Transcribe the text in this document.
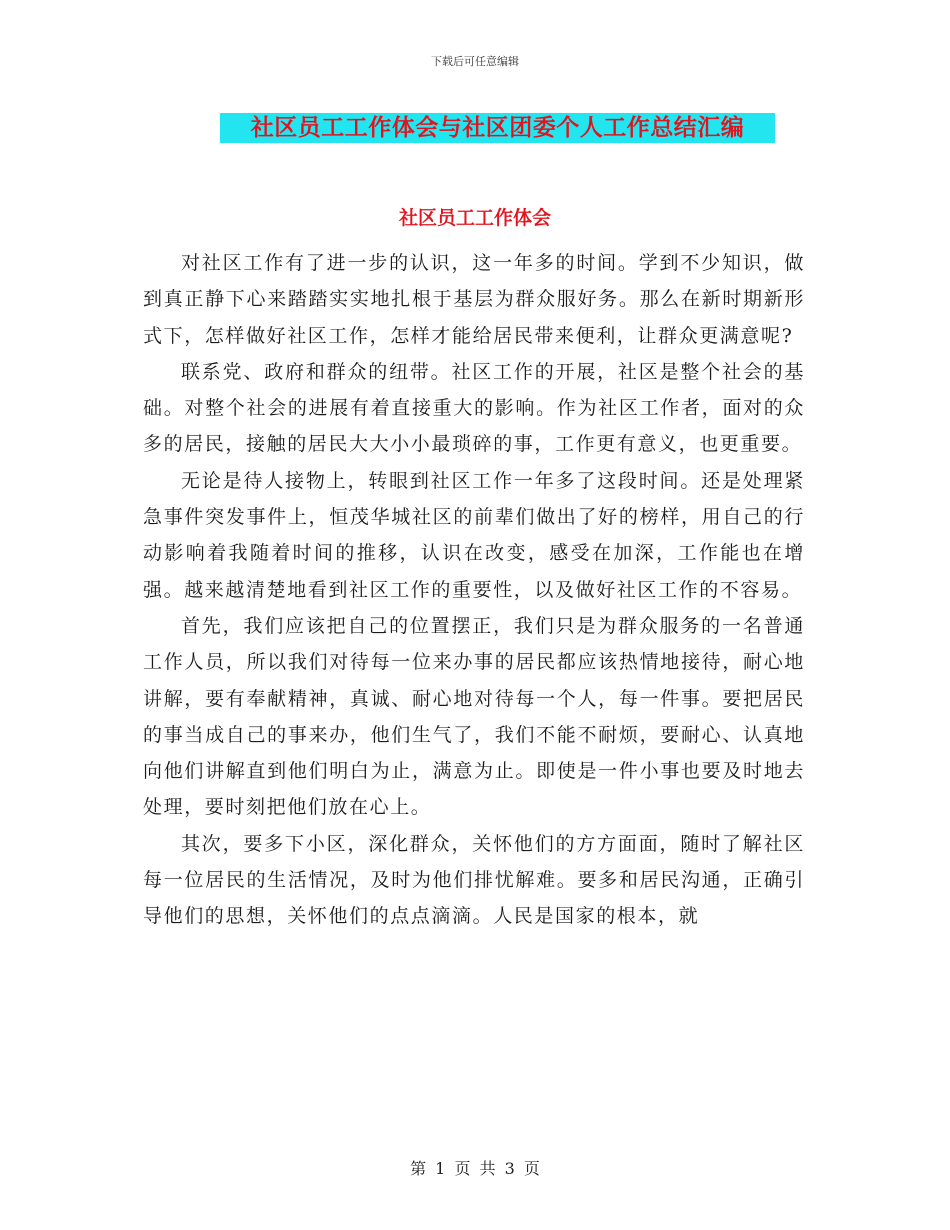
下载后可任意编辑
社区员工工作体会与社区团委个人工作总结汇编
社区员工工作体会

对社区工作有了进一步的认识，这一年多的时间。学到不少知识，做到真正静下心来踏踏实实地扎根于基层为群众服好务。那么在新时期新形式下，怎样做好社区工作，怎样才能给居民带来便利，让群众更满意呢?

联系党、政府和群众的纽带。社区工作的开展，社区是整个社会的基础。对整个社会的进展有着直接重大的影响。作为社区工作者，面对的众多的居民，接触的居民大大小小最琐碎的事，工作更有意义，也更重要。

无论是待人接物上，转眼到社区工作一年多了这段时间。还是处理紧急事件突发事件上，恒茂华城社区的前辈们做出了好的榜样，用自己的行动影响着我随着时间的推移，认识在改变，感受在加深，工作能也在增强。越来越清楚地看到社区工作的重要性，以及做好社区工作的不容易。

首先，我们应该把自己的位置摆正，我们只是为群众服务的一名普通工作人员，所以我们对待每一位来办事的居民都应该热情地接待，耐心地讲解，要有奉献精神，真诚、耐心地对待每一个人，每一件事。要把居民的事当成自己的事来办，他们生气了，我们不能不耐烦，要耐心、认真地向他们讲解直到他们明白为止，满意为止。即使是一件小事也要及时地去处理，要时刻把他们放在心上。

其次，要多下小区，深化群众，关怀他们的方方面面，随时了解社区每一位居民的生活情况，及时为他们排忧解难。要多和居民沟通，正确引导他们的思想，关怀他们的点点滴滴。人民是国家的根本，就

第 1 页 共 3 页
